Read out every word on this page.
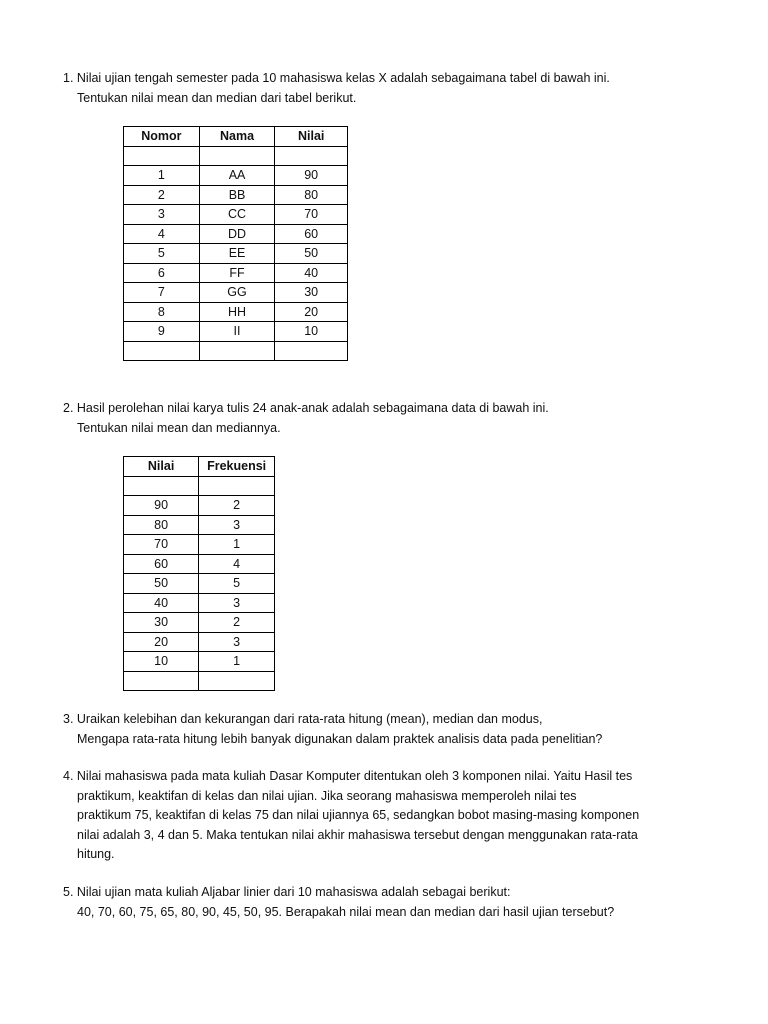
1. Nilai ujian tengah semester pada 10 mahasiswa kelas X adalah sebagaimana tabel di bawah ini.

Tentukan nilai mean dan median dari tabel berikut.

Nomor	Nama	Nilai

1	AA	90
2	BB	80
3	CC	70
4	DD	60
5	EE	50
6	FF	40
7	GG	30
8	HH	20
9	II	10

2. Hasil perolehan nilai karya tulis 24 anak-anak adalah sebagaimana data di bawah ini.

Tentukan nilai mean dan mediannya.

Nilai	Frekuensi

90	2
80	3
70	1
60	4
50	5
40	3
30	2
20	3
10	1

3. Uraikan kelebihan dan kekurangan dari rata-rata hitung (mean), median dan modus,

Mengapa rata-rata hitung lebih banyak digunakan dalam praktek analisis data pada penelitian?

4. Nilai mahasiswa pada mata kuliah Dasar Komputer ditentukan oleh 3 komponen nilai. Yaitu Hasil tes

praktikum, keaktifan di kelas dan nilai ujian. Jika seorang mahasiswa memperoleh nilai tes

praktikum 75, keaktifan di kelas 75 dan nilai ujiannya 65, sedangkan bobot masing-masing komponen

nilai adalah 3, 4 dan 5. Maka tentukan nilai akhir mahasiswa tersebut dengan menggunakan rata-rata

hitung.

5. Nilai ujian mata kuliah Aljabar linier dari 10 mahasiswa adalah sebagai berikut:

40, 70, 60, 75, 65, 80, 90, 45, 50, 95. Berapakah nilai mean dan median dari hasil ujian tersebut?
